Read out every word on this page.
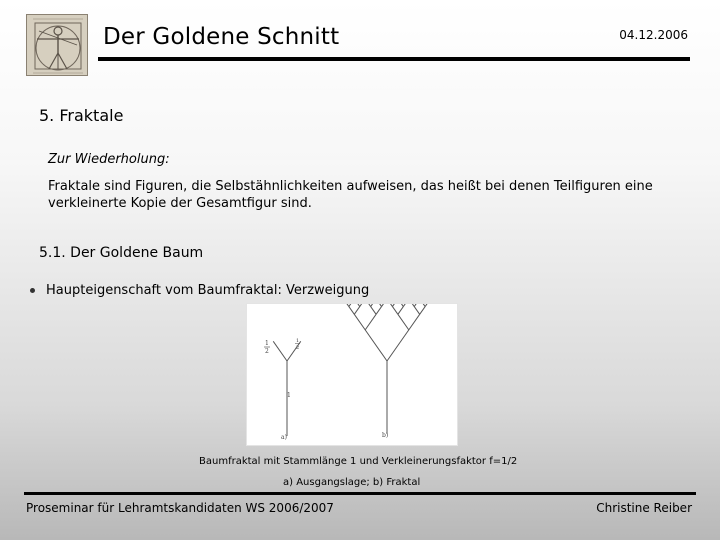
Der Goldene Schnitt	04.12.2006
5. Fraktale
Zur Wiederholung:
Fraktale sind Figuren, die Selbstähnlichkeiten aufweisen, das heißt bei denen Teilfiguren eine verkleinerte Kopie der Gesamtfigur sind.
5.1. Der Goldene Baum
Haupteigenschaft vom Baumfraktal: Verzweigung
1
2
1
2
1
a)	b)
Baumfraktal mit Stammlänge 1 und Verkleinerungsfaktor f=1/2
a) Ausgangslage; b) Fraktal
Proseminar für Lehramtskandidaten WS 2006/2007	Christine Reiber
